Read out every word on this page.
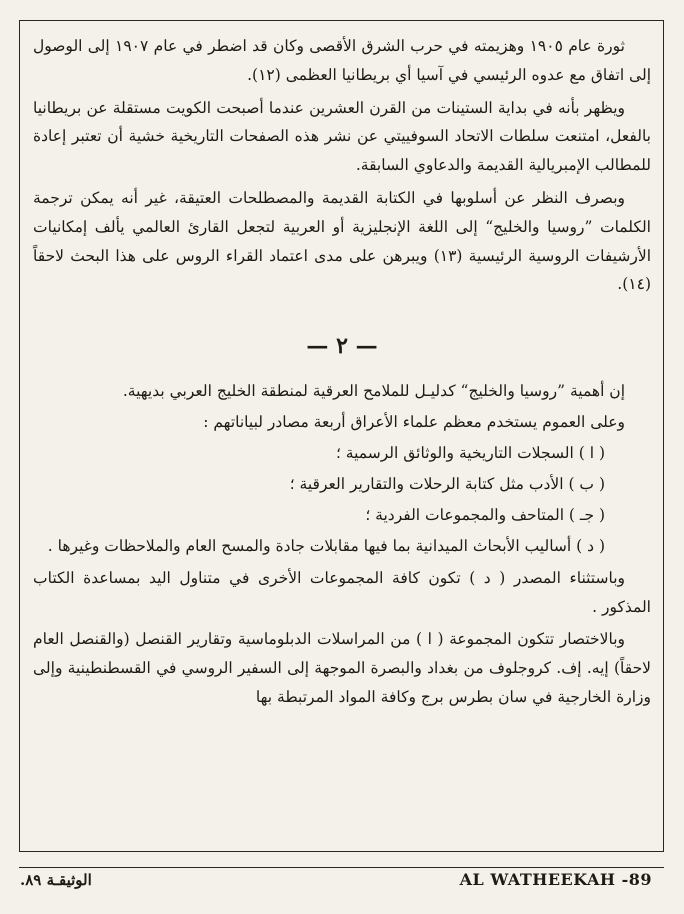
ثورة عام ١٩٠٥ وهزيمته في حرب الشرق الأقصى وكان قد اضطر في عام ١٩٠٧ إلى الوصول إلى اتفاق مع عدوه الرئيسي في آسيا أي بريطانيا العظمى (١٢).

ويظهر بأنه في بداية الستينات من القرن العشرين عندما أصبحت الكويت مستقلة عن بريطانيا بالفعل، امتنعت سلطات الاتحاد السوفييتي عن نشر هذه الصفحات التاريخية خشية أن تعتبر إعادة للمطالب الإمبريالية القديمة والدعاوي السابقة.

وبصرف النظر عن أسلوبها في الكتابة القديمة والمصطلحات العتيقة، غير أنه يمكن ترجمة الكلمات ”روسيا والخليج“ إلى اللغة الإنجليزية أو العربية لتجعل القارئ العالمي يألف إمكانيات الأرشيفات الروسية الرئيسية (١٣) ويبرهن على مدى اعتماد القراء الروس على هذا البحث لاحقاً (١٤).

— ٢ —

إن أهمية ”روسيا والخليج“ كدليـل للملامح العرقية لمنطقة الخليج العربي بديهية.

وعلى العموم يستخدم معظم علماء الأعراق أربعة مصادر لبياناتهم :

( ا ) السجلات التاريخية والوثائق الرسمية ؛

( ب ) الأدب مثل كتابة الرحلات والتقارير العرقية ؛

( جـ ) المتاحف والمجموعات الفردية ؛

( د ) أساليب الأبحاث الميدانية بما فيها مقابلات جادة والمسح العام والملاحظات وغيرها .

وباستثناء المصدر ( د ) تكون كافة المجموعات الأخرى في متناول اليد بمساعدة الكتاب المذكور .

وبالاختصار تتكون المجموعة ( ا ) من المراسلات الدبلوماسية وتقارير القنصل (والقنصل العام لاحقاً) إيه. إف. كروجلوف من بغداد والبصرة الموجهة إلى السفير الروسي في القسطنطينية وإلى وزارة الخارجية في سان بطرس برج وكافة المواد المرتبطة بها

الوثيقـة ٨٩.	AL WATHEEKAH -89
